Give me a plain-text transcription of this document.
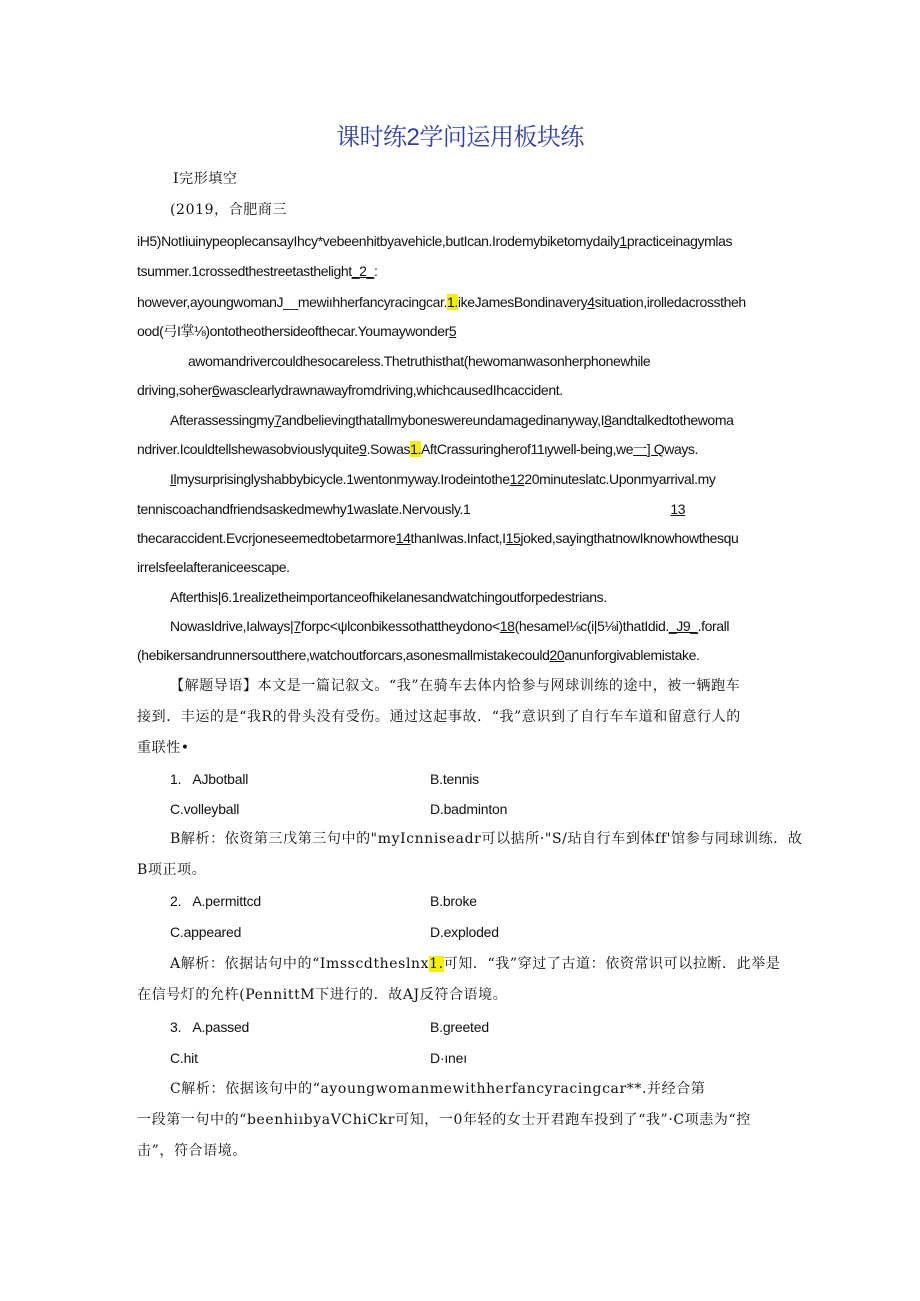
课时练2学问运用板块练
I完形填空
(2019，合肥商三
iH5)NotIiuinypeoplecansayIhcy*vebeenhitbyavehicle,butIcan.Irodemybiketomydaily1practiceinagymlas
tsummer.1crossedthestreetasthelight_2_:
however,ayoungwomanJ__mewiıhherfancyracingcar.1.ikeJamesBondinavery4situation,irolledacrosstheh
ood(弓I掌⅛)ontotheothersideofthecar.Youmaywonder5
awomandrivercouldhesocareless.Thetruthisthat(hewomanwasonherphonewhile
driving,soher6wasclearlydrawnawayfromdriving,whichcausedIhcaccident.
Afterassessingmy7andbelievingthatallmyboneswereundamagedinanyway,I8andtalkedtothewoma
ndriver.Icouldtellshewasobviouslyquite9.Sowas1.AftCrassuringherof11ιywell-being,we一] Qways.
Ilmysurprisinglyshabbybicycle.1wentonmyway.Irodeintothe1220minuteslatc.Uponmyarrival.my
tenniscoachandfriendsaskedmewhy1waslate.Nervously.1	13
thecaraccident.Evcrjoneseemedtobetarmore14thanIwas.Infact,I15joked,sayingthatnowIknowhowthesqu
irrelsfeelafteraniceescape.
Afterthis|6.1realizetheimportanceofhikelanesandwatchingoutforpedestrians.
NowasIdrive,Ialways|7forpc<ψlconbikessothattheydono<18(hesamel⅛c(i|5⅛i)thatIdid._J9_.forall
(hebikersandrunnersoutthere,watchoutforcars,asonesmallmistakecould20anunforgivablemistake.
【解题导语】本文是一篇记叙文。“我”在骑车去体内恰参与网球训练的途中，被一辆跑车
接到．丰运的是“我R的骨头没有受伤。通过这起事故．“我”意识到了自行车车道和留意行人的
重联性•
1. AJbotball	B.tennis
C.volleyball	D.badminton
B解析：依资第三戊第三句中的"myIcnniseadr可以掂所·"S/玷自行车到体ff'馆参与同球训练．故
B项正项。
2. A.permittcd	B.broke
C.appeared	D.exploded
A解析：依据诂句中的“Imsscdtheslnx1.可知．“我”穿过了古道：依资常识可以拉断．此举是
在信号灯的允杵(PennittM下进行的．故AJ反符合语境。
3. A.passed	B.greeted
C.hit	D·ıneı
C解析：依据该句中的“ayoungwomanmewithherfancyracingcar**.并经合第
一段第一句中的“beenhiıbyaVChiCkr可知，一0年轻的女士开君跑车投到了“我”·C项恚为“控
击”，符合语境。
